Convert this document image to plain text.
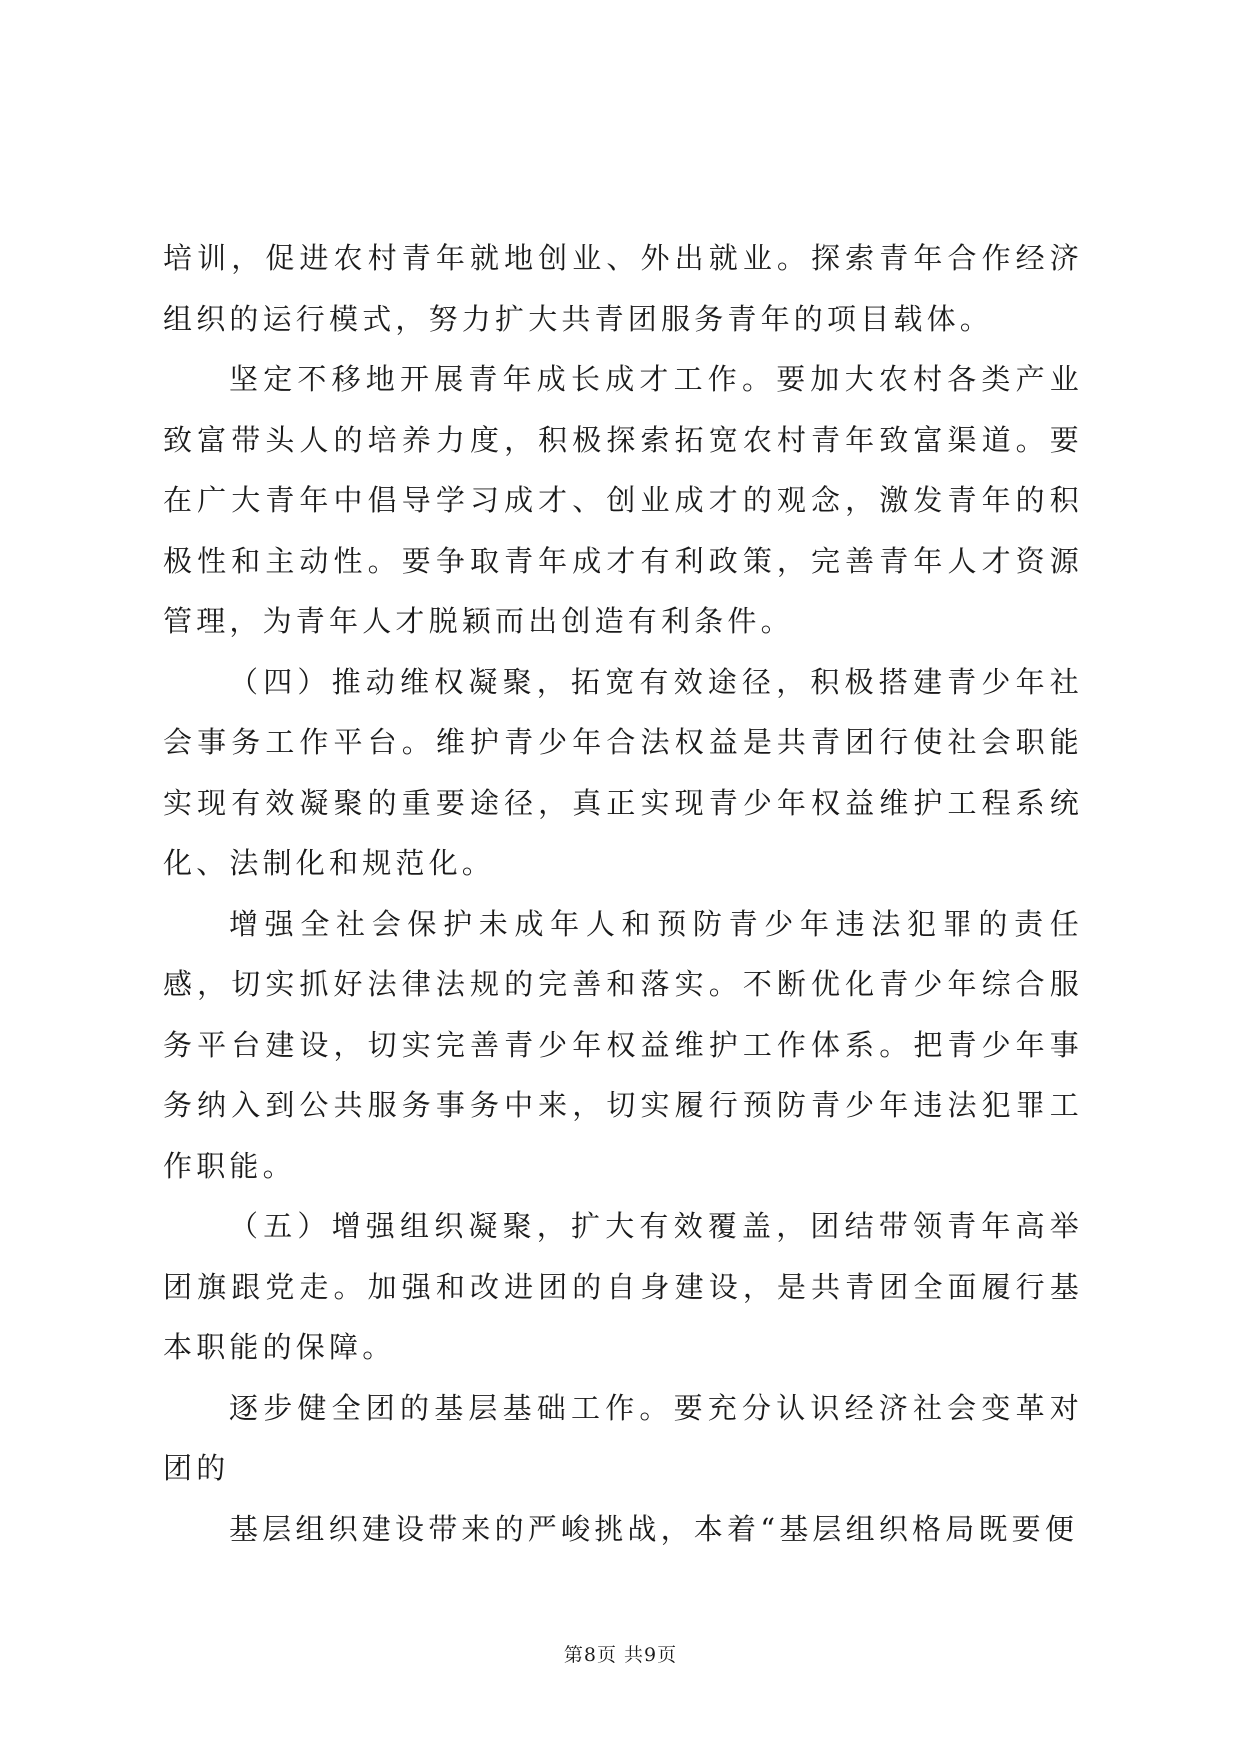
培训，促进农村青年就地创业、外出就业。探索青年合作经济组织的运行模式，努力扩大共青团服务青年的项目载体。

坚定不移地开展青年成长成才工作。要加大农村各类产业致富带头人的培养力度，积极探索拓宽农村青年致富渠道。要在广大青年中倡导学习成才、创业成才的观念，激发青年的积极性和主动性。要争取青年成才有利政策，完善青年人才资源管理，为青年人才脱颖而出创造有利条件。

（四）推动维权凝聚，拓宽有效途径，积极搭建青少年社会事务工作平台。维护青少年合法权益是共青团行使社会职能实现有效凝聚的重要途径，真正实现青少年权益维护工程系统化、法制化和规范化。

增强全社会保护未成年人和预防青少年违法犯罪的责任感，切实抓好法律法规的完善和落实。不断优化青少年综合服务平台建设，切实完善青少年权益维护工作体系。把青少年事务纳入到公共服务事务中来，切实履行预防青少年违法犯罪工作职能。

（五）增强组织凝聚，扩大有效覆盖，团结带领青年高举团旗跟党走。加强和改进团的自身建设，是共青团全面履行基本职能的保障。

逐步健全团的基层基础工作。要充分认识经济社会变革对团的

基层组织建设带来的严峻挑战，本着“基层组织格局既要便

第8页 共9页
